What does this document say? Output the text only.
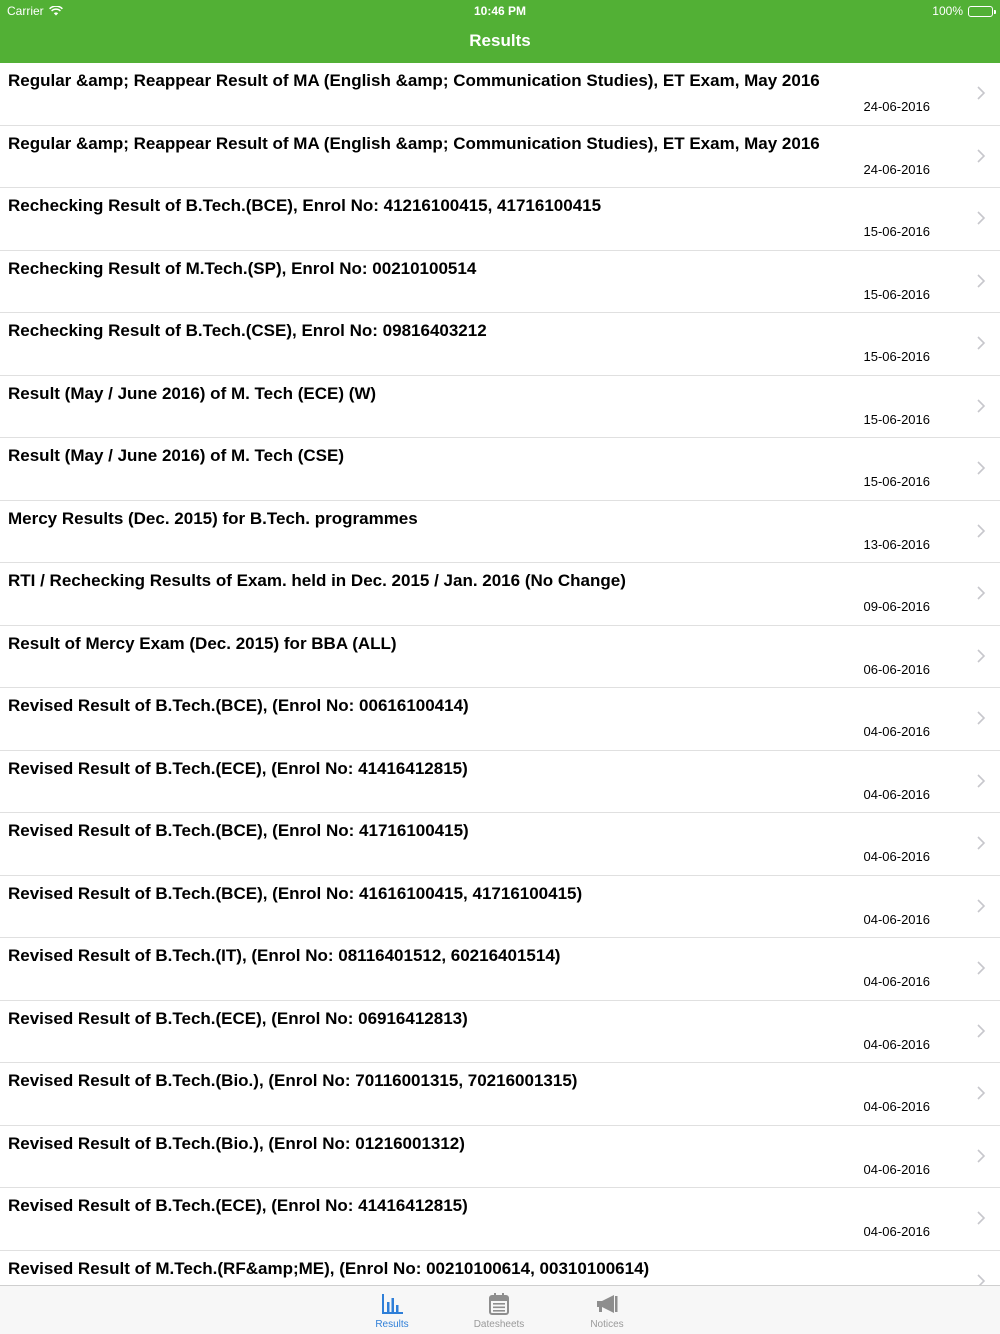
Carrier	10:46 PM	100%
Results
Regular &amp; Reappear Result of MA (English &amp; Communication Studies), ET Exam, May 2016
24-06-2016
Regular &amp; Reappear Result of MA (English &amp; Communication Studies), ET Exam, May 2016
24-06-2016
Rechecking Result of B.Tech.(BCE), Enrol No: 41216100415, 41716100415
15-06-2016
Rechecking Result of M.Tech.(SP), Enrol No: 00210100514
15-06-2016
Rechecking Result of B.Tech.(CSE), Enrol No: 09816403212
15-06-2016
Result (May / June 2016) of M. Tech (ECE) (W)
15-06-2016
Result (May / June 2016) of M. Tech (CSE)
15-06-2016
Mercy Results (Dec. 2015) for B.Tech. programmes
13-06-2016
RTI / Rechecking Results of Exam. held in Dec. 2015 / Jan. 2016 (No Change)
09-06-2016
Result of Mercy Exam (Dec. 2015) for BBA (ALL)
06-06-2016
Revised Result of B.Tech.(BCE), (Enrol No: 00616100414)
04-06-2016
Revised Result of B.Tech.(ECE), (Enrol No: 41416412815)
04-06-2016
Revised Result of B.Tech.(BCE), (Enrol No: 41716100415)
04-06-2016
Revised Result of B.Tech.(BCE), (Enrol No: 41616100415, 41716100415)
04-06-2016
Revised Result of B.Tech.(IT), (Enrol No: 08116401512, 60216401514)
04-06-2016
Revised Result of B.Tech.(ECE), (Enrol No: 06916412813)
04-06-2016
Revised Result of B.Tech.(Bio.), (Enrol No: 70116001315, 70216001315)
04-06-2016
Revised Result of B.Tech.(Bio.), (Enrol No: 01216001312)
04-06-2016
Revised Result of B.Tech.(ECE), (Enrol No: 41416412815)
04-06-2016
Revised Result of M.Tech.(RF&amp;ME), (Enrol No: 00210100614, 00310100614)
Results	Datesheets	Notices
